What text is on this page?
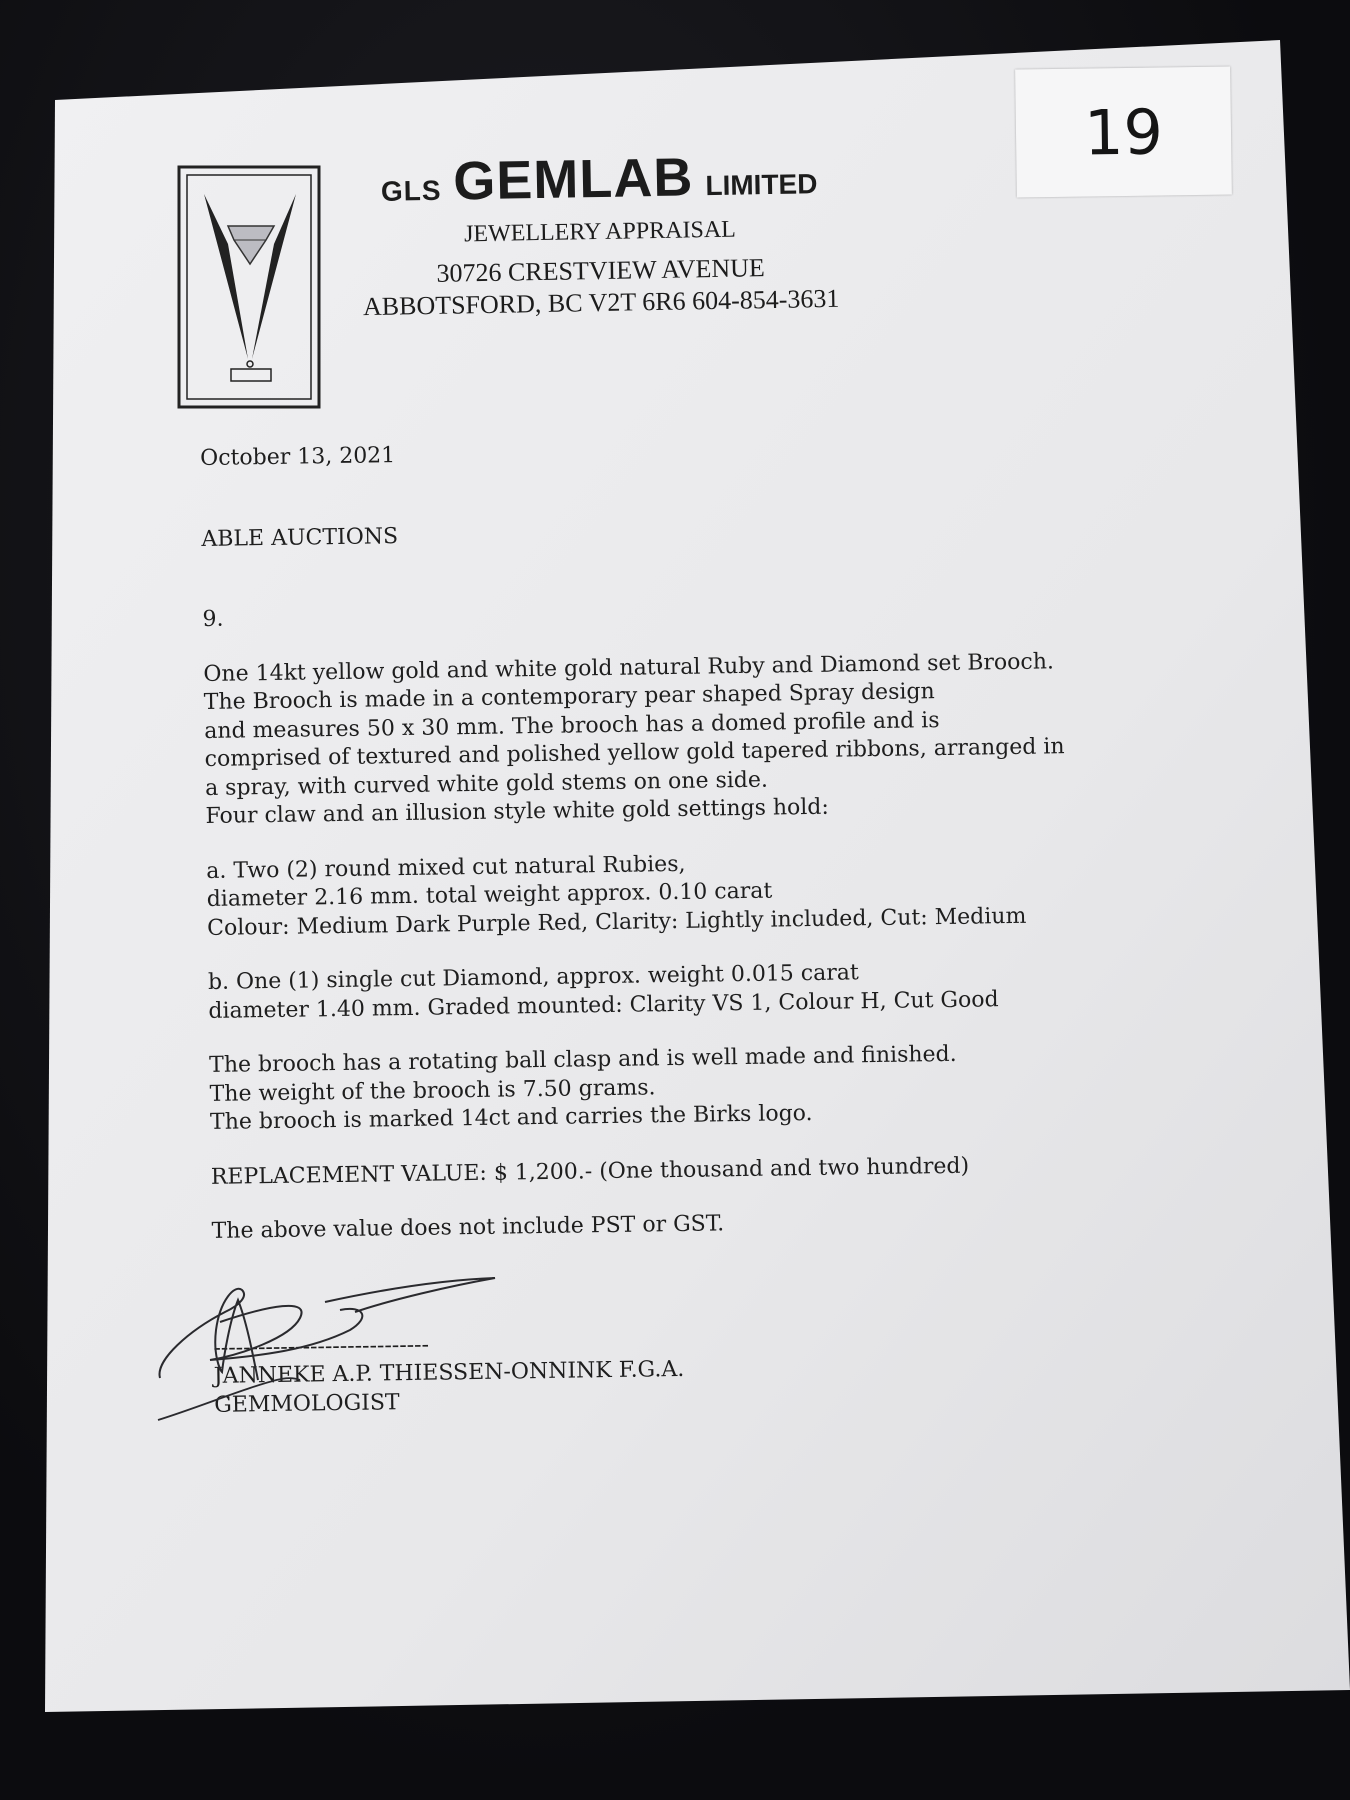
19
GLS GEMLAB LIMITED
JEWELLERY APPRAISAL
30726 CRESTVIEW AVENUE
ABBOTSFORD, BC V2T 6R6 604-854-3631
October 13, 2021
ABLE AUCTIONS
9.
One 14kt yellow gold and white gold natural Ruby and Diamond set Brooch.
The Brooch is made in a contemporary pear shaped Spray design
and measures 50 x 30 mm. The brooch has a domed profile and is
comprised of textured and polished yellow gold tapered ribbons, arranged in
a spray, with curved white gold stems on one side.
Four claw and an illusion style white gold settings hold:
a. Two (2) round mixed cut natural Rubies,
diameter 2.16 mm. total weight approx. 0.10 carat
Colour: Medium Dark Purple Red, Clarity: Lightly included, Cut: Medium
b. One (1) single cut Diamond, approx. weight 0.015 carat
diameter 1.40 mm. Graded mounted: Clarity VS 1, Colour H, Cut Good
The brooch has a rotating ball clasp and is well made and finished.
The weight of the brooch is 7.50 grams.
The brooch is marked 14ct and carries the Birks logo.
REPLACEMENT VALUE: $ 1,200.- (One thousand and two hundred)
The above value does not include PST or GST.
-----------------------------
JANNEKE A.P. THIESSEN-ONNINK F.G.A.
GEMMOLOGIST
